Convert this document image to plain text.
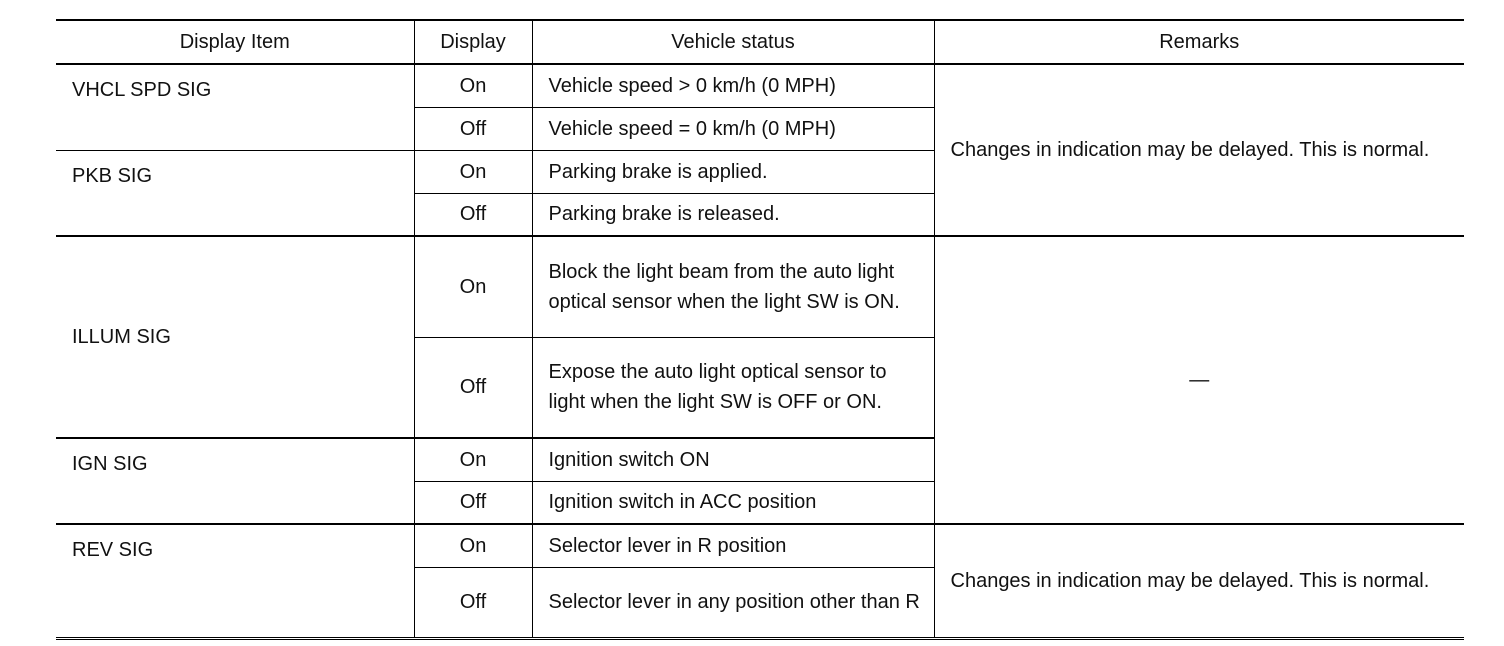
Display Item	Display	Vehicle status	Remarks
VHCL SPD SIG	On	Vehicle speed > 0 km/h (0 MPH)	Changes in indication may be delayed. This is normal.
	Off	Vehicle speed = 0 km/h (0 MPH)	
PKB SIG	On	Parking brake is applied.	
	Off	Parking brake is released.	
ILLUM SIG	On	Block the light beam from the auto light optical sensor when the light SW is ON.	—
	Off	Expose the auto light optical sensor to light when the light SW is OFF or ON.	
IGN SIG	On	Ignition switch ON	
	Off	Ignition switch in ACC position	
REV SIG	On	Selector lever in R position	Changes in indication may be delayed. This is normal.
	Off	Selector lever in any position other than R	
